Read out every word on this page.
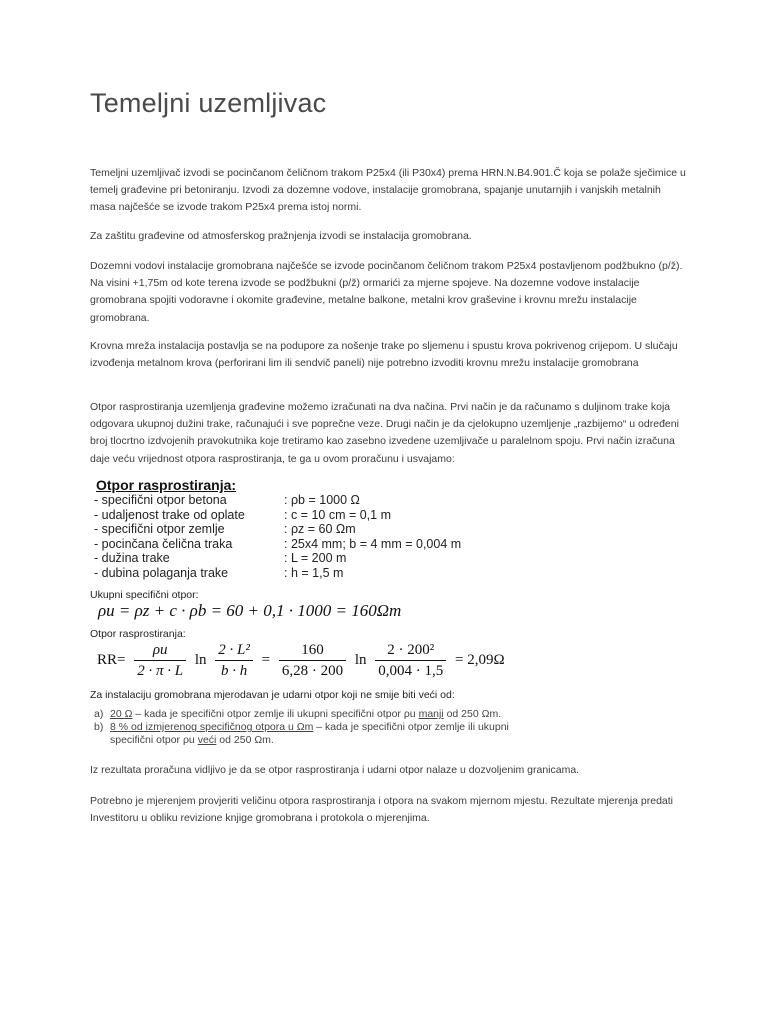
Temeljni uzemljivac

Temeljni uzemljivač izvodi se pocinčanom čeličnom trakom P25x4 (ili P30x4) prema HRN.N.B4.901.Č koja se polaže sječimice u temelj građevine pri betoniranju. Izvodi za dozemne vodove, instalacije gromobrana, spajanje unutarnjih i vanjskih metalnih masa najčešće se izvode trakom P25x4 prema istoj normi.

Za zaštitu građevine od atmosferskog pražnjenja izvodi se instalacija gromobrana.

Dozemni vodovi instalacije gromobrana najčešće se izvode pocinčanom čeličnom trakom P25x4 postavljenom podžbukno (p/ž). Na visini +1,75m od kote terena izvode se podžbukni (p/ž) ormarići za mjerne spojeve. Na dozemne vodove instalacije gromobrana spojiti vodoravne i okomite građevine, metalne balkone, metalni krov graševine i krovnu mrežu instalacije gromobrana.

Krovna mreža instalacija postavlja se na podupore za nošenje trake po sljemenu i spustu krova pokrivenog crijepom. U slučaju izvođenja metalnom krova (perforirani lim ili sendvič paneli) nije potrebno izvoditi krovnu mrežu instalacije gromobrana

Otpor rasprostiranja uzemljenja građevine možemo izračunati na dva načina. Prvi način je da računamo s duljinom trake koja odgovara ukupnoj dužini trake, računajući i sve poprečne veze. Drugi način je da cjelokupno uzemljenje „razbijemo“ u određeni broj tlocrtno izdvojenih pravokutnika koje tretiramo kao zasebno izvedene uzemljivače u paralelnom spoju. Prvi način izračuna daje veću vrijednost otpora rasprostiranja, te ga u ovom proračunu i usvajamo:

Otpor rasprostiranja:
- specifični otpor betona	: ρb = 1000 Ω
- udaljenost trake od oplate	: c = 10 cm = 0,1 m
- specifični otpor zemlje	: ρz = 60 Ωm
- pocinčana čelična traka	: 25x4 mm; b = 4 mm = 0,004 m
- dužina trake	: L = 200 m
- dubina polaganja trake	: h = 1,5 m
Ukupni specifični otpor:
ρu = ρz + c · ρb = 60 + 0,1 · 1000 = 160Ωm
Otpor rasprostiranja:
$RR= \frac{\rho u}{2 \cdot \pi \cdot L}$ $\ln \frac{\text{2 · L²}}{b \cdot h} = \frac{160}{6,28 \cdot 200}$ $\ln \frac{\text{2 · 200²}}{0,004 \cdot 1,5} = 2,09\Omega$
Za instalaciju gromobrana mjerodavan je udarni otpor koji ne smije biti veći od:
a) 20 Ω – kada je specifični otpor zemlje ili ukupni specifični otpor ρu manji od 250 Ωm.
b) 8 % od izmjerenog specifičnog otpora u Ωm – kada je specifični otpor zemlje ili ukupni specifični otpor ρu veći od 250 Ωm.

Iz rezultata proračuna vidljivo je da se otpor rasprostiranja i udarni otpor nalaze u dozvoljenim granicama.

Potrebno je mjerenjem provjeriti veličinu otpora rasprostiranja i otpora na svakom mjernom mjestu. Rezultate mjerenja predati Investitoru u obliku revizione knjige gromobrana i protokola o mjerenjima.
